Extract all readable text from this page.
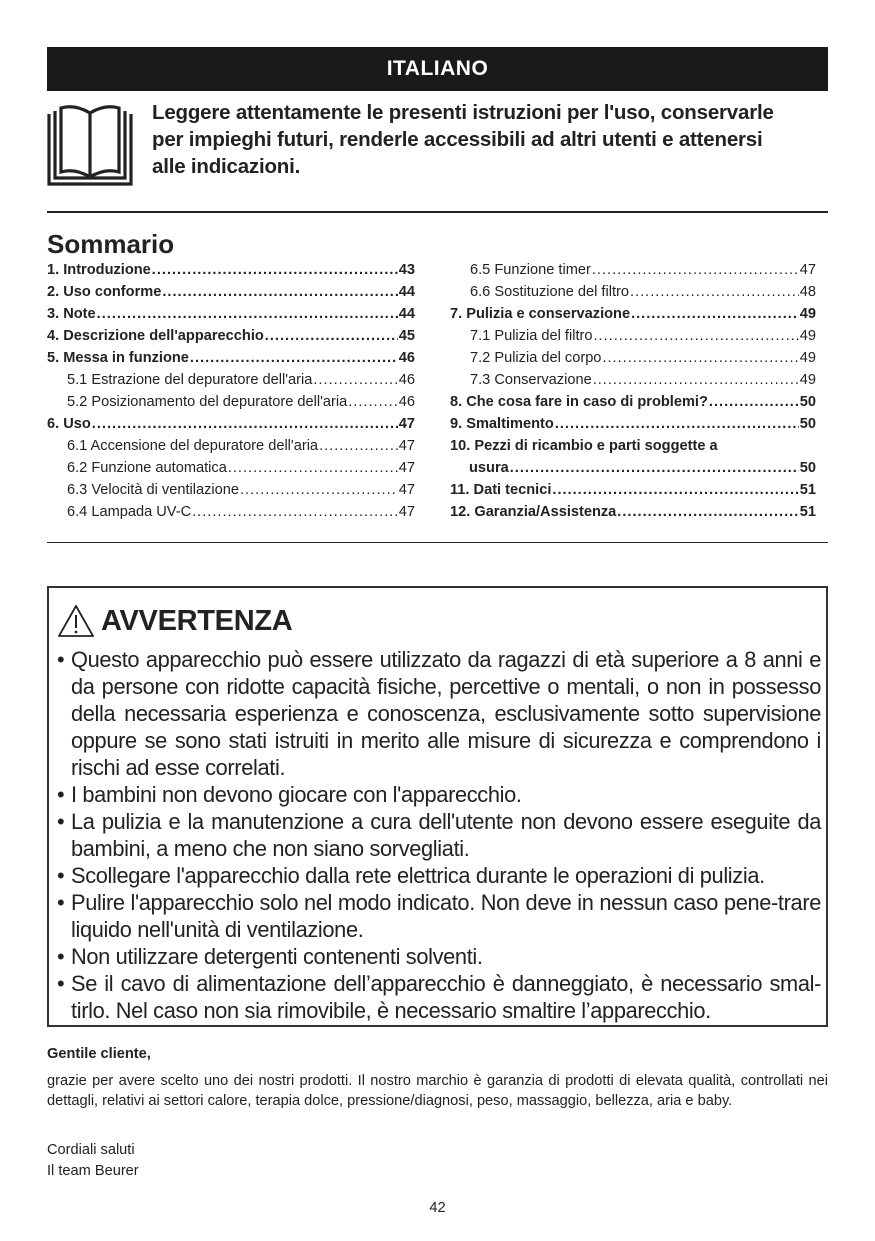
ITALIANO
Leggere attentamente le presenti istruzioni per l'uso, conservarle
per impieghi futuri, renderle accessibili ad altri utenti e attenersi
alle indicazioni.
Sommario
1. Introduzione .....	43
2. Uso conforme .....	44
3. Note .....	44
4. Descrizione dell'apparecchio .....	45
5. Messa in funzione .....	46
5.1 Estrazione del depuratore dell'aria .....	46
5.2 Posizionamento del depuratore dell'aria .....	46
6. Uso .....	47
6.1 Accensione del depuratore dell'aria .....	47
6.2 Funzione automatica .....	47
6.3 Velocità di ventilazione .....	47
6.4 Lampada UV-C .....	47
6.5 Funzione timer .....	47
6.6 Sostituzione del filtro .....	48
7. Pulizia e conservazione .....	49
7.1 Pulizia del filtro .....	49
7.2 Pulizia del corpo .....	49
7.3 Conservazione .....	49
8. Che cosa fare in caso di problemi? .....	50
9. Smaltimento .....	50
10. Pezzi di ricambio e parti soggette a
usura .....	50
11. Dati tecnici .....	51
12. Garanzia/Assistenza .....	51
AVVERTENZA
• Questo apparecchio può essere utilizzato da ragazzi di età superiore a 8 anni e da persone con ridotte capacità fisiche, percettive o mentali, o non in possesso della necessaria esperienza e conoscenza, esclusivamente sotto supervisione oppure se sono stati istruiti in merito alle misure di sicurezza e comprendono i rischi ad esse correlati.
• I bambini non devono giocare con l'apparecchio.
• La pulizia e la manutenzione a cura dell'utente non devono essere eseguite da bambini, a meno che non siano sorvegliati.
• Scollegare l'apparecchio dalla rete elettrica durante le operazioni di pulizia.
• Pulire l'apparecchio solo nel modo indicato. Non deve in nessun caso pene-trare liquido nell'unità di ventilazione.
• Non utilizzare detergenti contenenti solventi.
• Se il cavo di alimentazione dell’apparecchio è danneggiato, è necessario smal-tirlo. Nel caso non sia rimovibile, è necessario smaltire l’apparecchio.
Gentile cliente,
grazie per avere scelto uno dei nostri prodotti. Il nostro marchio è garanzia di prodotti di elevata qualità, controllati nei dettagli, relativi ai settori calore, terapia dolce, pressione/diagnosi, peso, massaggio, bellezza, aria e baby.
Cordiali saluti
Il team Beurer
42
